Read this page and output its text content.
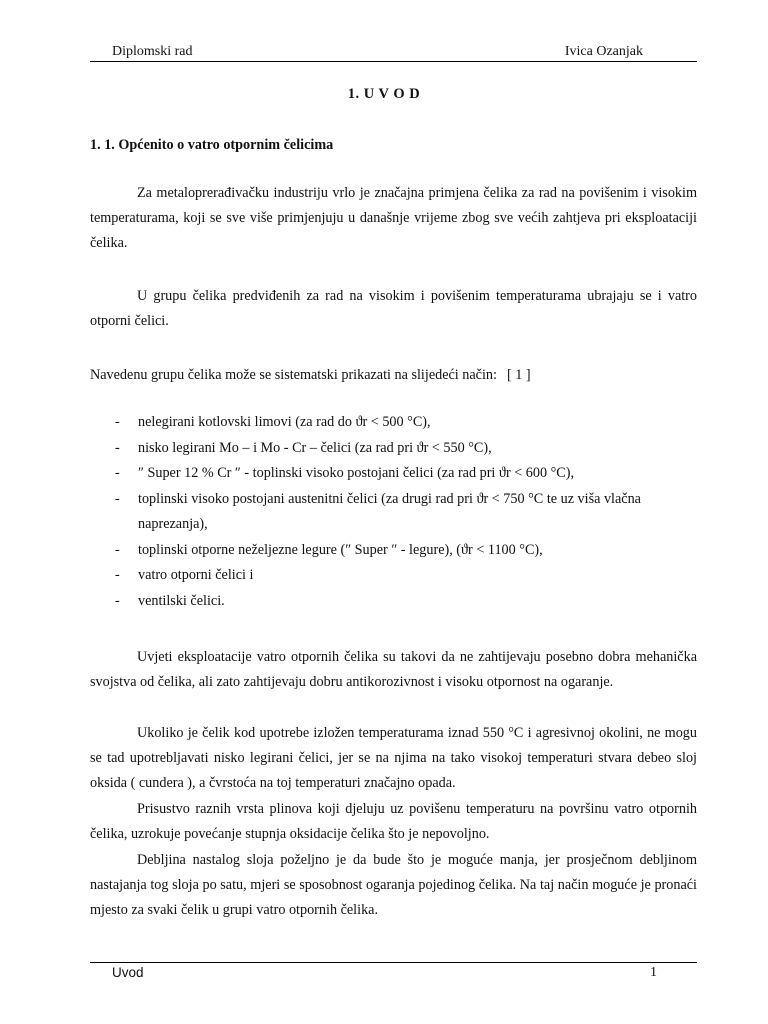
Diplomski rad	Ivica Ozanjak
1. U V O D
1. 1. Općenito o vatro otpornim čelicima

Za metaloprerađivačku industriju vrlo je značajna primjena čelika za rad na povišenim i visokim temperaturama, koji se sve više primjenjuju u današnje vrijeme zbog sve većih zahtjeva pri eksploataciji čelika.

U grupu čelika predviđenih za rad na visokim i povišenim temperaturama ubrajaju se i vatro otporni čelici.

Navedenu grupu čelika može se sistematski prikazati na slijedeći način: [ 1 ]
- nelegirani kotlovski limovi (za rad do ϑr < 500 °C),
- nisko legirani Mo – i Mo - Cr – čelici (za rad pri ϑr < 550 °C),
- ″ Super 12 % Cr ″ - toplinski visoko postojani čelici (za rad pri ϑr < 600 °C),
- toplinski visoko postojani austenitni čelici (za drugi rad pri ϑr < 750 °C te uz viša vlačna naprezanja),
- toplinski otporne neželjezne legure (″ Super ″ - legure), (ϑr < 1100 °C),
- vatro otporni čelici i
- ventilski čelici.

Uvjeti eksploatacije vatro otpornih čelika su takovi da ne zahtijevaju posebno dobra mehanička svojstva od čelika, ali zato zahtijevaju dobru antikorozivnost i visoku otpornost na ogaranje.

Ukoliko je čelik kod upotrebe izložen temperaturama iznad 550 °C i agresivnoj okolini, ne mogu se tad upotrebljavati nisko legirani čelici, jer se na njima na tako visokoj temperaturi stvara debeo sloj oksida ( cundera ), a čvrstoća na toj temperaturi značajno opada.

Prisustvo raznih vrsta plinova koji djeluju uz povišenu temperaturu na površinu vatro otpornih čelika, uzrokuje povećanje stupnja oksidacije čelika što je nepovoljno.

Debljina nastalog sloja poželjno je da bude što je moguće manja, jer prosječnom debljinom nastajanja tog sloja po satu, mjeri se sposobnost ogaranja pojedinog čelika. Na taj način moguće je pronaći mjesto za svaki čelik u grupi vatro otpornih čelika.

Uvod	1
